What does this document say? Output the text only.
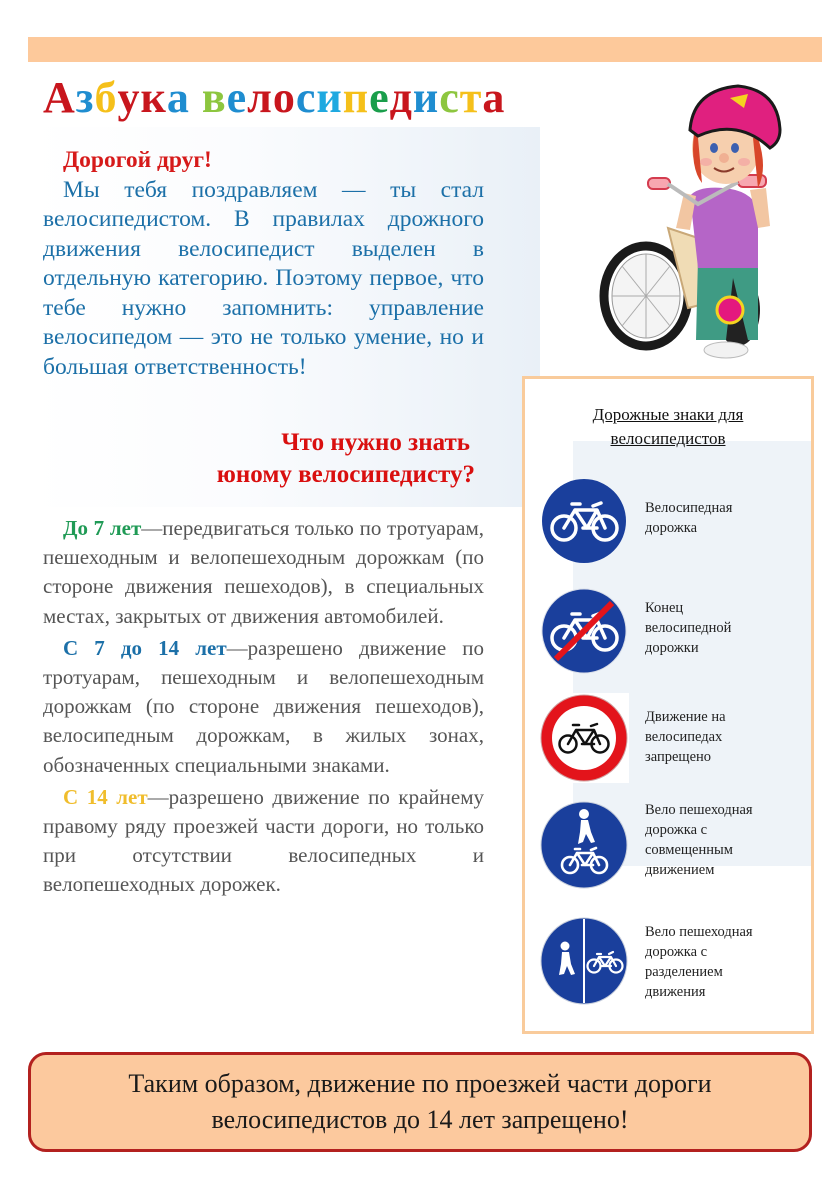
Азбука велосипедиста
Дорогой друг!
Мы тебя поздравляем — ты стал велосипедистом. В правилах дрожного движения велосипедист выделен в отдельную категорию. Поэтому первое, что тебе нужно запомнить: управление велосипедом — это не только умение, но и большая ответственность!
Что нужно знать
юному велосипедисту?

До 7 лет—передвигаться только по тротуарам, пешеходным и велопешеходным дорожкам (по стороне движения пешеходов), в специальных местах, закрытых от движения автомобилей.

С 7 до 14 лет—разрешено движение по тротуарам, пешеходным и велопешеходным дорожкам (по стороне движения пешеходов), велосипедным дорожкам, в жилых зонах, обозначенных специальными знаками.

С 14 лет—разрешено движение по крайнему правому ряду проезжей части дороги, но только при отсутствии велосипедных и велопешеходных дорожек.

Дорожные знаки для
велосипедистов
Велосипедная
дорожка
Конец
велосипедной
дорожки
Движение на
велосипедах
запрещено
Вело пешеходная
дорожка с
совмещенным
движением
Вело пешеходная
дорожка с
разделением
движения
Таким образом, движение по проезжей части дороги
велосипедистов до 14 лет запрещено!
